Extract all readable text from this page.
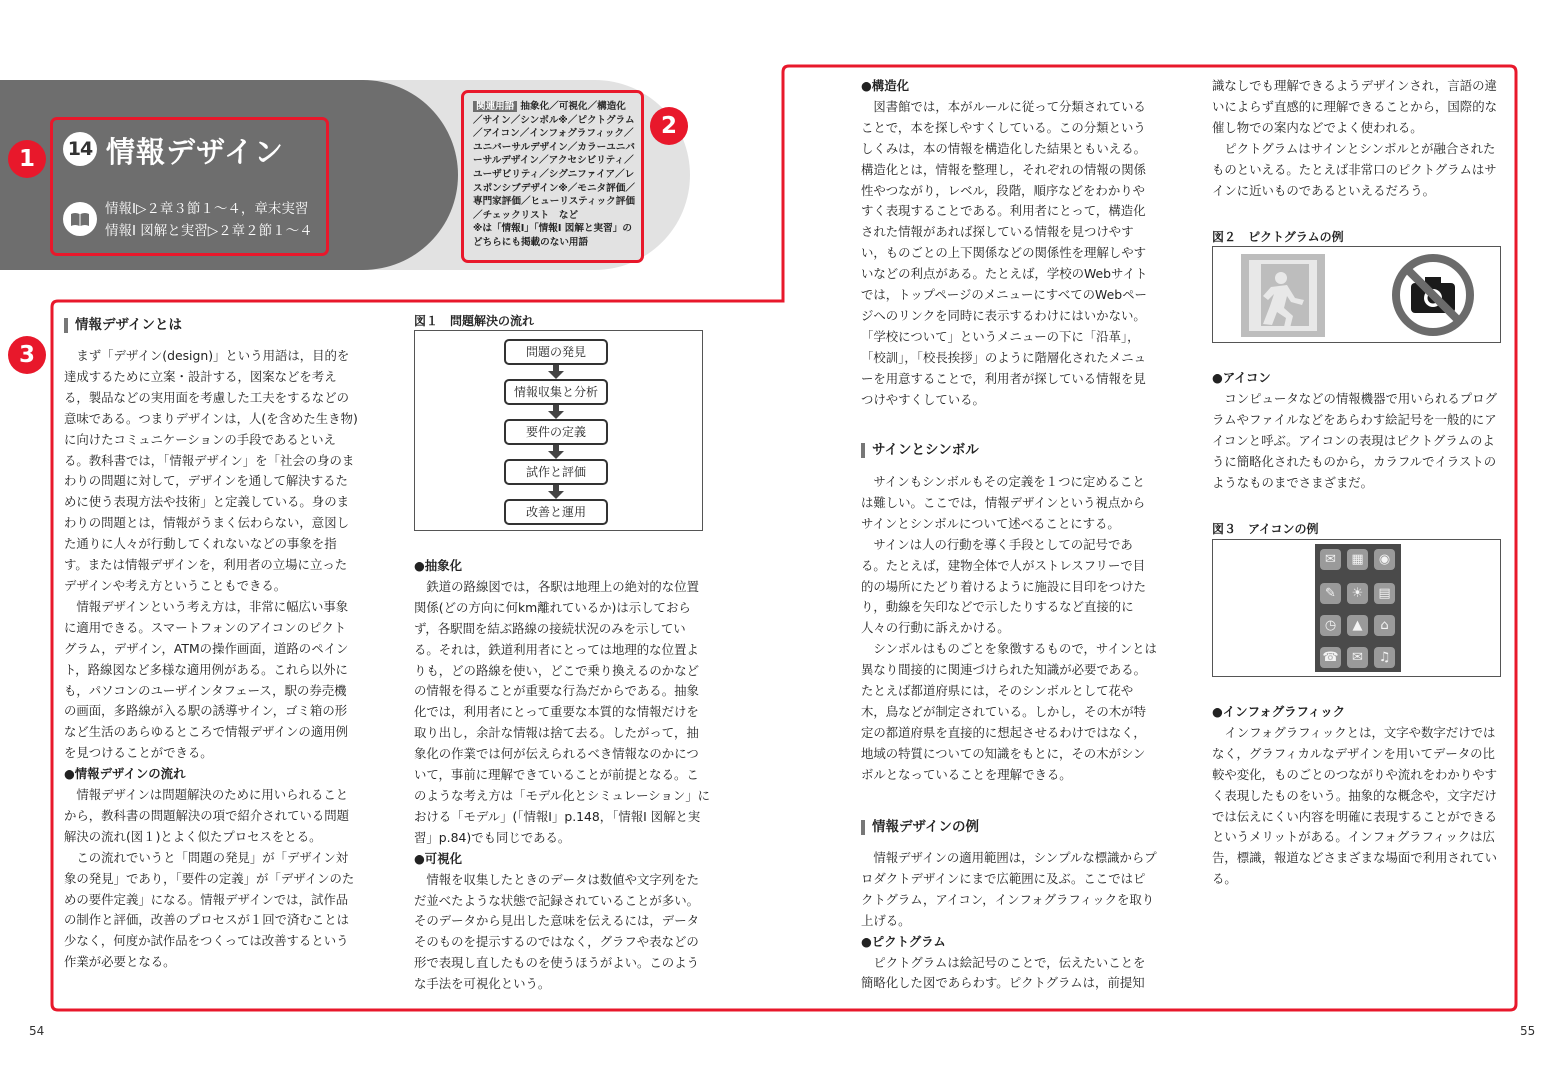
1	14 情報デザイン
情報Ⅰ▷２章３節１〜４，章末実習
情報Ⅰ 図解と実習▷２章２節１〜４
2
関連用語 抽象化／可視化／構造化／サイン／シンボル※／ピクトグラム／アイコン／インフォグラフィック／ユニバーサルデザイン／カラーユニバーサルデザイン／アクセシビリティ／ユーザビリティ／シグニファイア／レスポンシブデザイン※／モニタ評価／専門家評価／ヒューリスティック評価／チェックリスト　など
※は「情報Ⅰ」「情報Ⅰ 図解と実習」のどちらにも掲載のない用語
3
情報デザインとは

まず「デザイン(design)」という用語は，目的を達成するために立案・設計する，図案などを考える，製品などの実用面を考慮した工夫をするなどの意味である。つまりデザインは，人(を含めた生き物)に向けたコミュニケーションの手段であるといえる。教科書では，「情報デザイン」を「社会の身のまわりの問題に対して，デザインを通して解決するために使う表現方法や技術」と定義している。身のまわりの問題とは，情報がうまく伝わらない，意図した通りに人々が行動してくれないなどの事象を指す。または情報デザインを，利用者の立場に立ったデザインや考え方ということもできる。

情報デザインという考え方は，非常に幅広い事象に適用できる。スマートフォンのアイコンのピクトグラム，デザイン，ATMの操作画面，道路のペイント，路線図など多様な適用例がある。これら以外にも，パソコンのユーザインタフェース，駅の券売機の画面，多路線が入る駅の誘導サイン，ゴミ箱の形など生活のあらゆるところで情報デザインの適用例を見つけることができる。

●情報デザインの流れ

情報デザインは問題解決のために用いられることから，教科書の問題解決の項で紹介されている問題解決の流れ(図１)とよく似たプロセスをとる。

この流れでいうと「問題の発見」が「デザイン対象の発見」であり，「要件の定義」が「デザインのための要件定義」になる。情報デザインでは，試作品の制作と評価，改善のプロセスが１回で済むことは少なく，何度か試作品をつくっては改善するという作業が必要となる。

図１　問題解決の流れ
問題の発見
情報収集と分析
要件の定義
試作と評価
改善と運用

●抽象化

鉄道の路線図では，各駅は地理上の絶対的な位置関係(どの方向に何km離れているか)は示しておらず，各駅間を結ぶ路線の接続状況のみを示している。それは，鉄道利用者にとっては地理的な位置よりも，どの路線を使い，どこで乗り換えるのかなどの情報を得ることが重要な行為だからである。抽象化では，利用者にとって重要な本質的な情報だけを取り出し，余計な情報は捨て去る。したがって，抽象化の作業では何が伝えられるべき情報なのかについて，事前に理解できていることが前提となる。このような考え方は「モデル化とシミュレーション」における「モデル」(「情報Ⅰ」p.148，「情報Ⅰ 図解と実習」p.84)でも同じである。

●可視化

情報を収集したときのデータは数値や文字列をただ並べたような状態で記録されていることが多い。そのデータから見出した意味を伝えるには，データそのものを提示するのではなく，グラフや表などの形で表現し直したものを使うほうがよい。このような手法を可視化という。

●構造化

図書館では，本がルールに従って分類されていることで，本を探しやすくしている。この分類というしくみは，本の情報を構造化した結果ともいえる。構造化とは，情報を整理し，それぞれの情報の関係性やつながり，レベル，段階，順序などをわかりやすく表現することである。利用者にとって，構造化された情報があれば探している情報を見つけやすい，ものごとの上下関係などの関係性を理解しやすいなどの利点がある。たとえば，学校のWebサイトでは，トップページのメニューにすべてのWebページへのリンクを同時に表示するわけにはいかない。「学校について」というメニューの下に「沿革」，「校訓」，「校長挨拶」のように階層化されたメニューを用意することで，利用者が探している情報を見つけやすくしている。

サインとシンボル

サインもシンボルもその定義を１つに定めることは難しい。ここでは，情報デザインという視点からサインとシンボルについて述べることにする。

サインは人の行動を導く手段としての記号である。たとえば，建物全体で人がストレスフリーで目的の場所にたどり着けるように施設に目印をつけたり，動線を矢印などで示したりするなど直接的に人々の行動に訴えかける。

シンボルはものごとを象徴するもので，サインとは異なり間接的に関連づけられた知識が必要である。たとえば都道府県には，そのシンボルとして花や木，鳥などが制定されている。しかし，その木が特定の都道府県を直接的に想起させるわけではなく，地域の特質についての知識をもとに，その木がシンボルとなっていることを理解できる。

情報デザインの例

情報デザインの適用範囲は，シンプルな標識からプロダクトデザインにまで広範囲に及ぶ。ここではピクトグラム，アイコン，インフォグラフィックを取り上げる。

●ピクトグラム

ピクトグラムは絵記号のことで，伝えたいことを簡略化した図であらわす。ピクトグラムは，前提知

識なしでも理解できるようデザインされ，言語の違いによらず直感的に理解できることから，国際的な催し物での案内などでよく使われる。

ピクトグラムはサインとシンボルとが融合されたものといえる。たとえば非常口のピクトグラムはサインに近いものであるといえるだろう。

図２　ピクトグラムの例

●アイコン

コンピュータなどの情報機器で用いられるプログラムやファイルなどをあらわす絵記号を一般的にアイコンと呼ぶ。アイコンの表現はピクトグラムのように簡略化されたものから，カラフルでイラストのようなものまでさまざまだ。

図３　アイコンの例
✉	▦	◉
✎	☀	▤
◷	▲	⌂
☎	✉	♫

●インフォグラフィック

インフォグラフィックとは，文字や数字だけではなく，グラフィカルなデザインを用いてデータの比較や変化，ものごとのつながりや流れをわかりやすく表現したものをいう。抽象的な概念や，文字だけでは伝えにくい内容を明確に表現することができるというメリットがある。インフォグラフィックは広告，標識，報道などさまざまな場面で利用されている。

54	55
